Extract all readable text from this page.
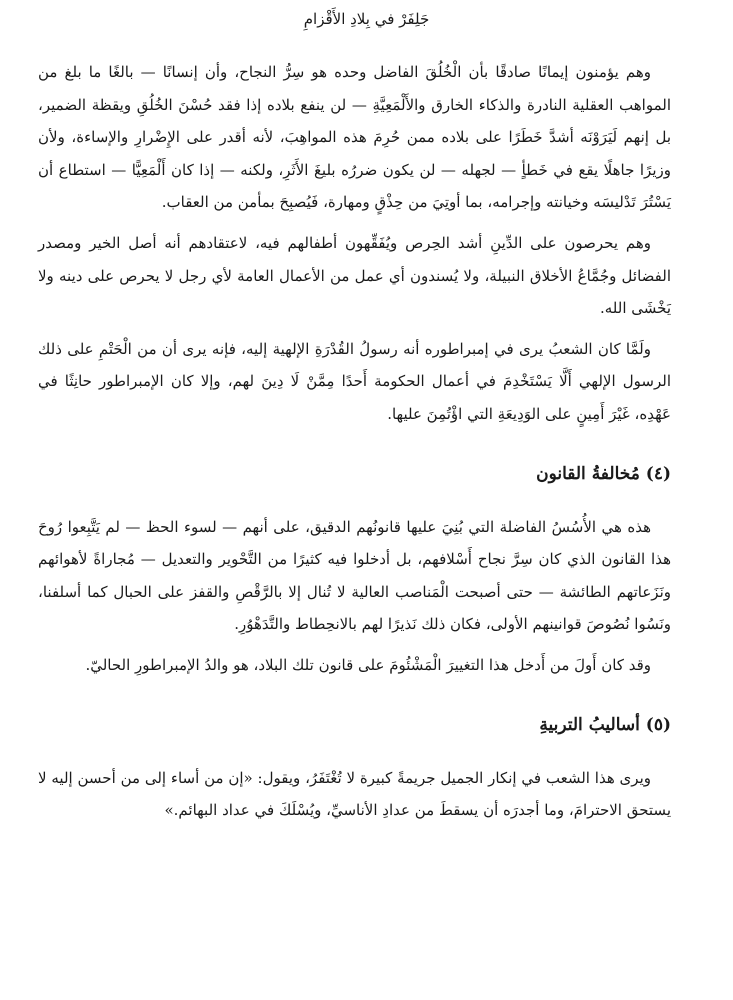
جَلِفَرْ في بِلادِ الأَقْزامِ

وهم يؤمنون إيمانًا صادقًا بأن الْخُلُقَ الفاضل وحده هو سِرُّ النجاح، وأن إنسانًا — بالغًا ما بلغ من المواهب العقلية النادرة والذكاء الخارق والأَلْمَعِيَّةِ — لن ينفع بلاده إذا فقد حُسْنَ الخُلُقِ ويقظة الضمير، بل إنهم لَيَرَوْنَه أشدَّ خَطَرًا على بلاده ممن حُرِمَ هذه المواهِبَ، لأنه أقدر على الإِضْرارِ والإساءة، ولأن وزيرًا جاهلًا يقع في خَطأٍ — لجهله — لن يكون ضررُه بليغَ الأَثَرِ، ولكنه — إذا كان أَلْمَعِيًّا — استطاع أن يَسْتُرَ تَدْليسَه وخيانته وإجرامه، بما أوتِيَ من حِذْقٍ ومهارة، فَيُصبِحَ بمأمن من العقاب.

وهم يحرصون على الدِّينِ أشد الحِرص ويُفَقِّهون أطفالهم فيه، لاعتقادهم أنه أصل الخير ومصدر الفضائل وجُمَّاعُ الأخلاق النبيلة، ولا يُسندون أي عمل من الأعمال العامة لأي رجل لا يحرص على دينه ولا يَخْشَى الله.

ولَمَّا كان الشعبُ يرى في إمبراطوره أنه رسولُ القُدْرَةِ الإلهية إليه، فإنه يرى أن من الْحَتْمِ على ذلك الرسول الإلهي أَلَّا يَسْتَخْدِمَ في أعمال الحكومة أَحدًا مِمَّنْ لَا دِينَ لهم، وإلا كان الإمبراطور حانِثًا في عَهْدِه، غَيْرَ أَمِينٍ على الوَدِيعَةِ التي اؤْتُمِنَ عليها.

(٤) مُخالفةُ القانون

هذه هي الأُسُسُ الفاضلة التي بُنِيَ عليها قانونُهم الدقيق، على أنهم — لسوء الحظ — لم يَتَّبِعوا رُوحَ هذا القانون الذي كان سِرَّ نجاح أَسْلافهم، بل أدخلوا فيه كثيرًا من التَّحْوير والتعديل — مُجاراةً لأهوائهم ونَزَعاتهم الطائشة — حتى أصبحت الْمَناصب العالية لا تُنال إلا بالرَّقْصِ والقفز على الحبال كما أسلفنا، ونَسُوا نُصُوصَ قوانينهم الأولى، فكان ذلك نَذيرًا لهم بالانحِطاط والتَّدَهْوُرِ.

وقد كان أَولَ من أَدخل هذا التغييرَ الْمَشْئُومَ على قانون تلك البلاد، هو والدُ الإمبراطورِ الحاليّ.

(٥) أساليبُ التربيةِ

ويرى هذا الشعب في إنكار الجميل جريمةً كبيرة لا تُغْتَفَرُ، ويقول: «إن من أساء إلى من أحسن إليه لا يستحق الاحترامَ، وما أجدرَه أن يسقطَ من عدادِ الأناسيِّ، ويُسْلَكَ في عداد البهائم.»
